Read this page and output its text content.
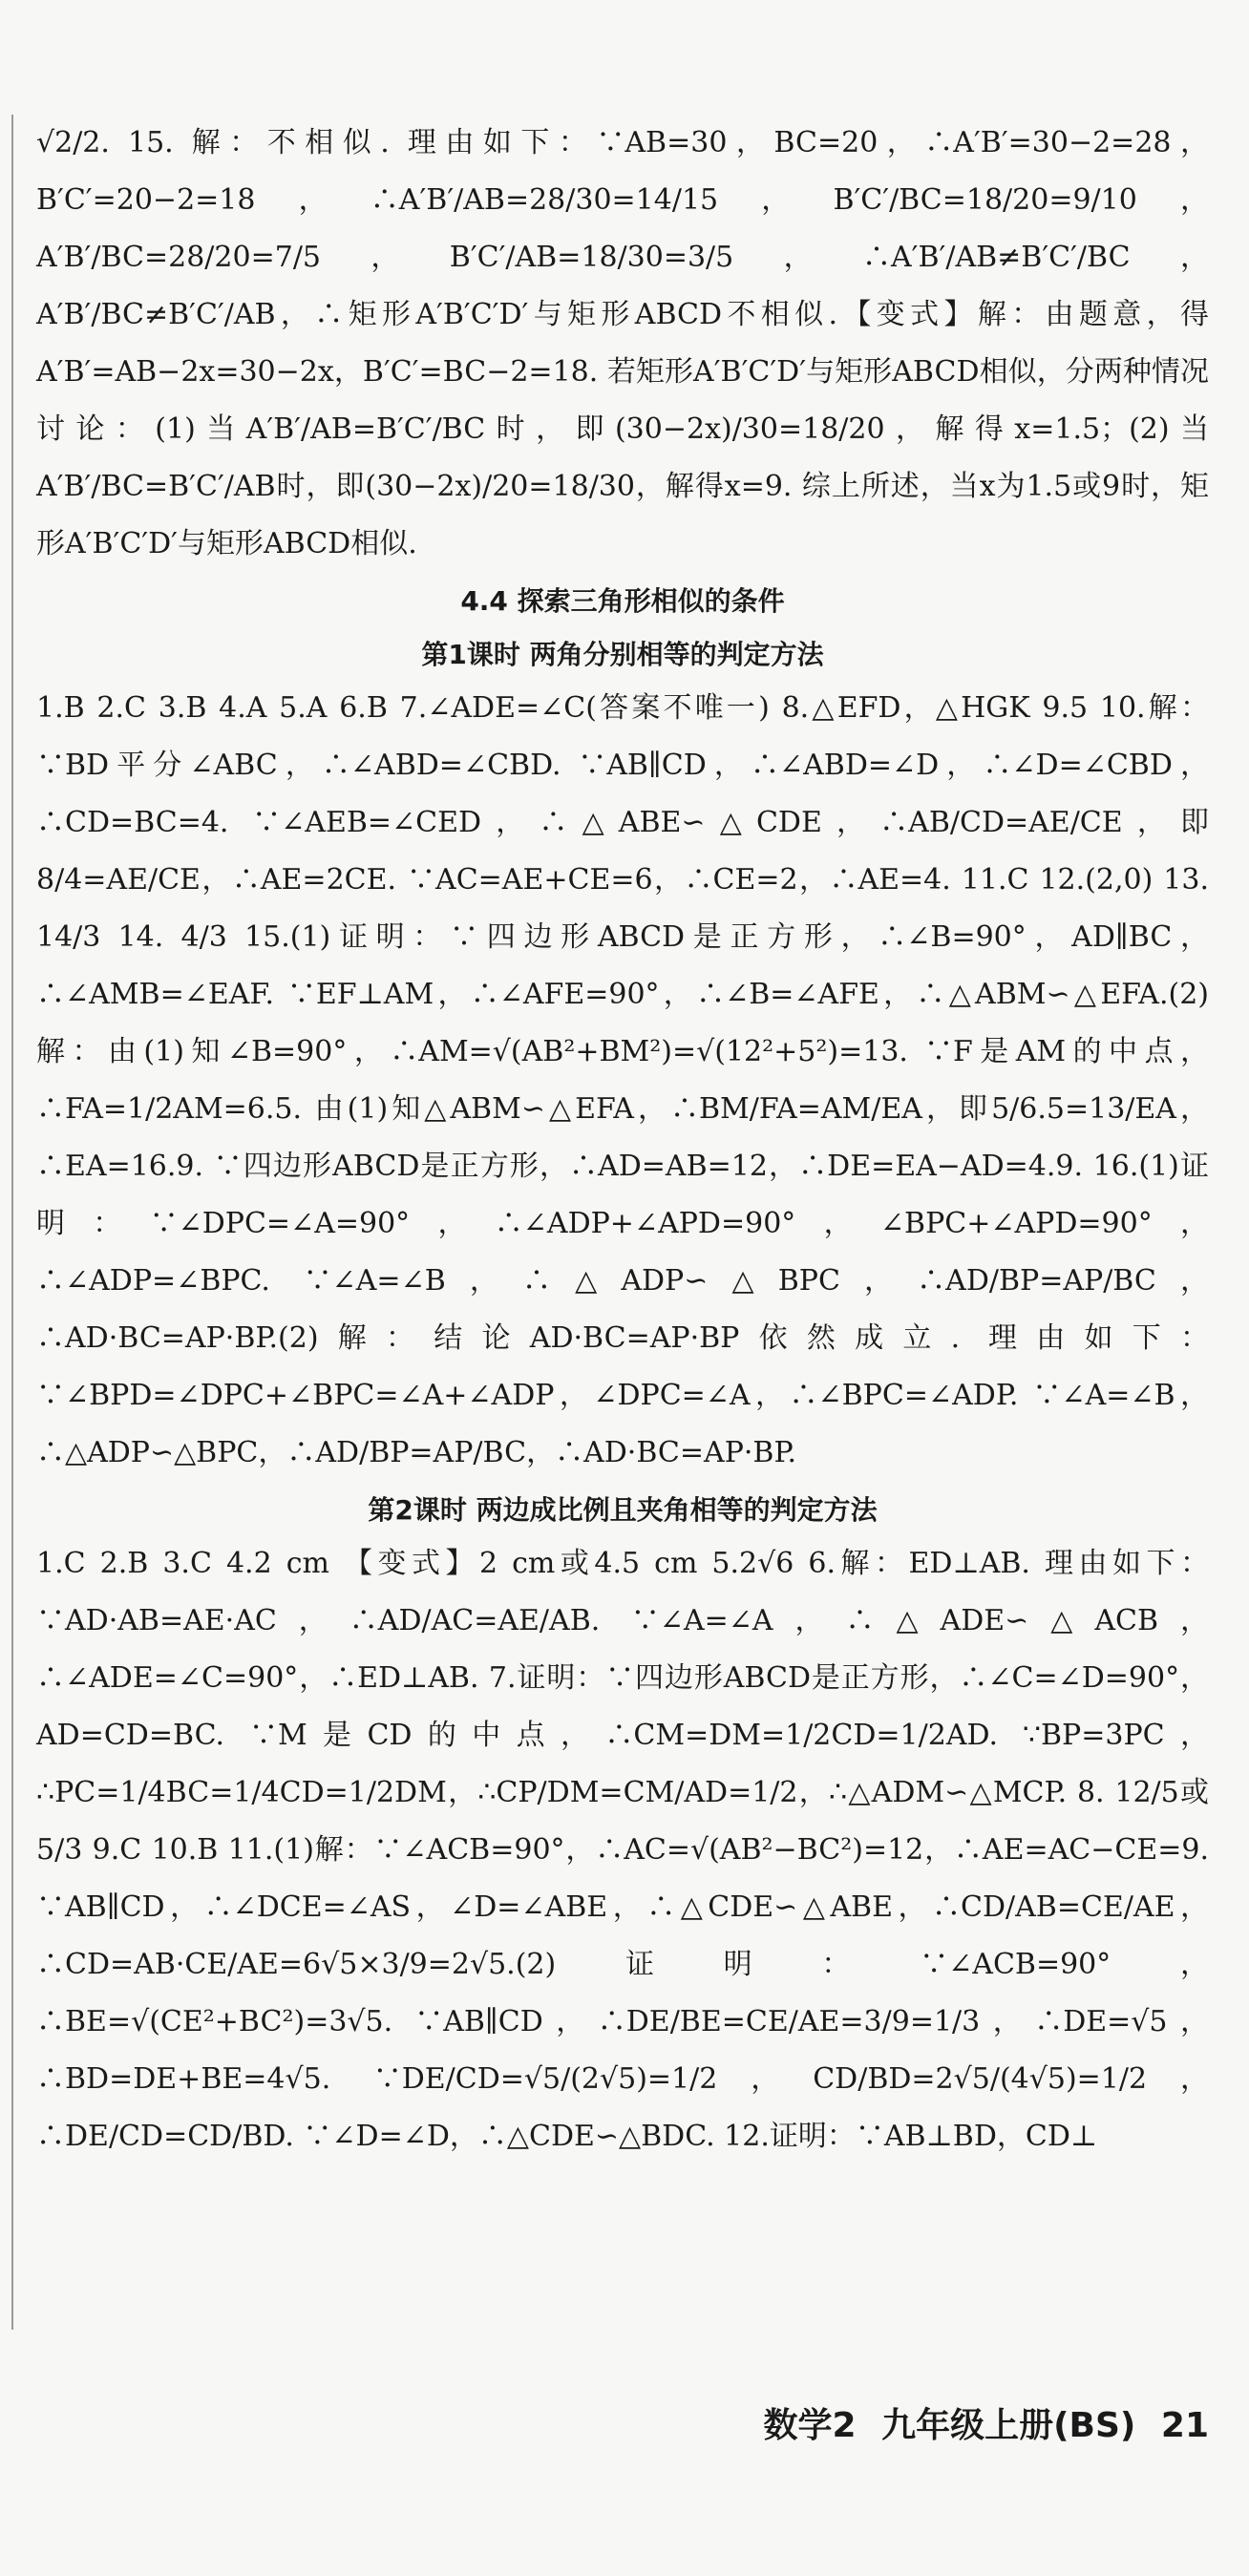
√2/2. 15. 解：不相似. 理由如下：∵AB=30，BC=20，∴A′B′=30−2=28，B′C′=20−2=18，∴A′B′/AB=28/30=14/15，B′C′/BC=18/20=9/10，A′B′/BC=28/20=7/5，B′C′/AB=18/30=3/5，∴A′B′/AB≠B′C′/BC，A′B′/BC≠B′C′/AB，∴矩形A′B′C′D′与矩形ABCD不相似.【变式】解：由题意，得A′B′=AB−2x=30−2x，B′C′=BC−2=18. 若矩形A′B′C′D′与矩形ABCD相似，分两种情况讨论：(1)当A′B′/AB=B′C′/BC时，即(30−2x)/30=18/20，解得x=1.5；(2)当A′B′/BC=B′C′/AB时，即(30−2x)/20=18/30，解得x=9. 综上所述，当x为1.5或9时，矩形A′B′C′D′与矩形ABCD相似.

4.4 探索三角形相似的条件
第1课时 两角分别相等的判定方法

1.B 2.C 3.B 4.A 5.A 6.B 7.∠ADE=∠C(答案不唯一) 8.△EFD，△HGK 9.5 10.解：∵BD平分∠ABC，∴∠ABD=∠CBD. ∵AB∥CD，∴∠ABD=∠D，∴∠D=∠CBD，∴CD=BC=4. ∵∠AEB=∠CED，∴△ABE∽△CDE，∴AB/CD=AE/CE，即8/4=AE/CE，∴AE=2CE. ∵AC=AE+CE=6，∴CE=2，∴AE=4. 11.C 12.(2,0) 13. 14/3 14. 4/3 15.(1)证明：∵四边形ABCD是正方形，∴∠B=90°，AD∥BC，∴∠AMB=∠EAF. ∵EF⊥AM，∴∠AFE=90°，∴∠B=∠AFE，∴△ABM∽△EFA.(2)解：由(1)知∠B=90°，∴AM=√(AB²+BM²)=√(12²+5²)=13. ∵F是AM的中点，∴FA=1/2AM=6.5. 由(1)知△ABM∽△EFA，∴BM/FA=AM/EA，即5/6.5=13/EA，∴EA=16.9. ∵四边形ABCD是正方形，∴AD=AB=12，∴DE=EA−AD=4.9. 16.(1)证明：∵∠DPC=∠A=90°，∴∠ADP+∠APD=90°，∠BPC+∠APD=90°，∴∠ADP=∠BPC. ∵∠A=∠B，∴△ADP∽△BPC，∴AD/BP=AP/BC，∴AD·BC=AP·BP.(2)解：结论AD·BC=AP·BP依然成立. 理由如下：∵∠BPD=∠DPC+∠BPC=∠A+∠ADP，∠DPC=∠A，∴∠BPC=∠ADP. ∵∠A=∠B，∴△ADP∽△BPC，∴AD/BP=AP/BC，∴AD·BC=AP·BP.

第2课时 两边成比例且夹角相等的判定方法

1.C 2.B 3.C 4.2 cm 【变式】2 cm或4.5 cm 5.2√6 6.解：ED⊥AB. 理由如下：∵AD·AB=AE·AC，∴AD/AC=AE/AB. ∵∠A=∠A，∴△ADE∽△ACB，∴∠ADE=∠C=90°，∴ED⊥AB. 7.证明：∵四边形ABCD是正方形，∴∠C=∠D=90°，AD=CD=BC. ∵M是CD的中点，∴CM=DM=1/2CD=1/2AD. ∵BP=3PC，∴PC=1/4BC=1/4CD=1/2DM，∴CP/DM=CM/AD=1/2，∴△ADM∽△MCP. 8. 12/5或5/3 9.C 10.B 11.(1)解：∵∠ACB=90°，∴AC=√(AB²−BC²)=12，∴AE=AC−CE=9. ∵AB∥CD，∴∠DCE=∠AS，∠D=∠ABE，∴△CDE∽△ABE，∴CD/AB=CE/AE，∴CD=AB·CE/AE=6√5×3/9=2√5.(2)证明：∵∠ACB=90°，∴BE=√(CE²+BC²)=3√5. ∵AB∥CD，∴DE/BE=CE/AE=3/9=1/3，∴DE=√5，∴BD=DE+BE=4√5. ∵DE/CD=√5/(2√5)=1/2，CD/BD=2√5/(4√5)=1/2，∴DE/CD=CD/BD. ∵∠D=∠D，∴△CDE∽△BDC. 12.证明：∵AB⊥BD，CD⊥

数学2 九年级上册(BS) 21
